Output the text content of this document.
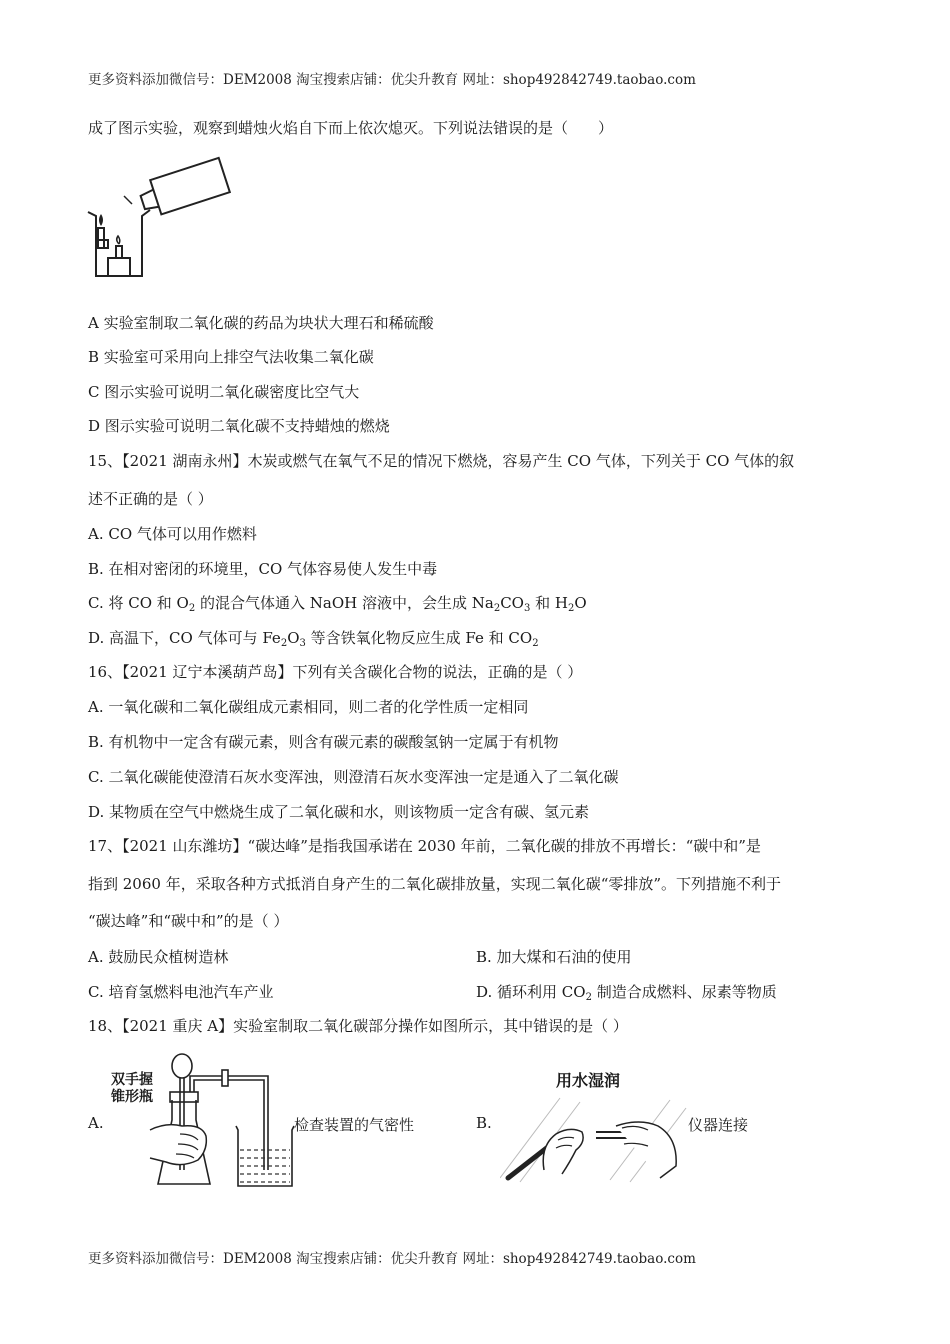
更多资料添加微信号：DEM2008 淘宝搜索店铺：优尖升教育 网址：shop492842749.taobao.com
成了图示实验，观察到蜡烛火焰自下而上依次熄灭。下列说法错误的是（　　）
A 实验室制取二氧化碳的药品为块状大理石和稀硫酸
B 实验室可采用向上排空气法收集二氧化碳
C 图示实验可说明二氧化碳密度比空气大
D 图示实验可说明二氧化碳不支持蜡烛的燃烧
15、【2021 湖南永州】木炭或燃气在氧气不足的情况下燃烧，容易产生 CO 气体，下列关于 CO 气体的叙
述不正确的是（ ）
A. CO 气体可以用作燃料
B. 在相对密闭的环境里，CO 气体容易使人发生中毒
C. 将 CO 和 $O_2$ 的混合气体通入 NaOH 溶液中，会生成 $Na_2CO_3$ 和 $H_2O$
D. 高温下，CO 气体可与 $Fe_2O_3$ 等含铁氧化物反应生成 Fe 和 $CO_2$
16、【2021 辽宁本溪葫芦岛】下列有关含碳化合物的说法，正确的是（ ）
A. 一氧化碳和二氧化碳组成元素相同，则二者的化学性质一定相同
B. 有机物中一定含有碳元素，则含有碳元素的碳酸氢钠一定属于有机物
C. 二氧化碳能使澄清石灰水变浑浊，则澄清石灰水变浑浊一定是通入了二氧化碳
D. 某物质在空气中燃烧生成了二氧化碳和水，则该物质一定含有碳、氢元素
17、【2021 山东潍坊】“碳达峰”是指我国承诺在 2030 年前，二氧化碳的排放不再增长：“碳中和”是
指到 2060 年，采取各种方式抵消自身产生的二氧化碳排放量，实现二氧化碳“零排放”。下列措施不利于
“碳达峰”和“碳中和”的是（ ）
A. 鼓励民众植树造林	B. 加大煤和石油的使用
C. 培育氢燃料电池汽车产业	D. 循环利用 $CO_2$ 制造合成燃料、尿素等物质
18、【2021 重庆 A】实验室制取二氧化碳部分操作如图所示，其中错误的是（ ）
A.
双手握
锥形瓶
检查装置的气密性	B.
用水湿润
仪器连接
更多资料添加微信号：DEM2008 淘宝搜索店铺：优尖升教育 网址：shop492842749.taobao.com
